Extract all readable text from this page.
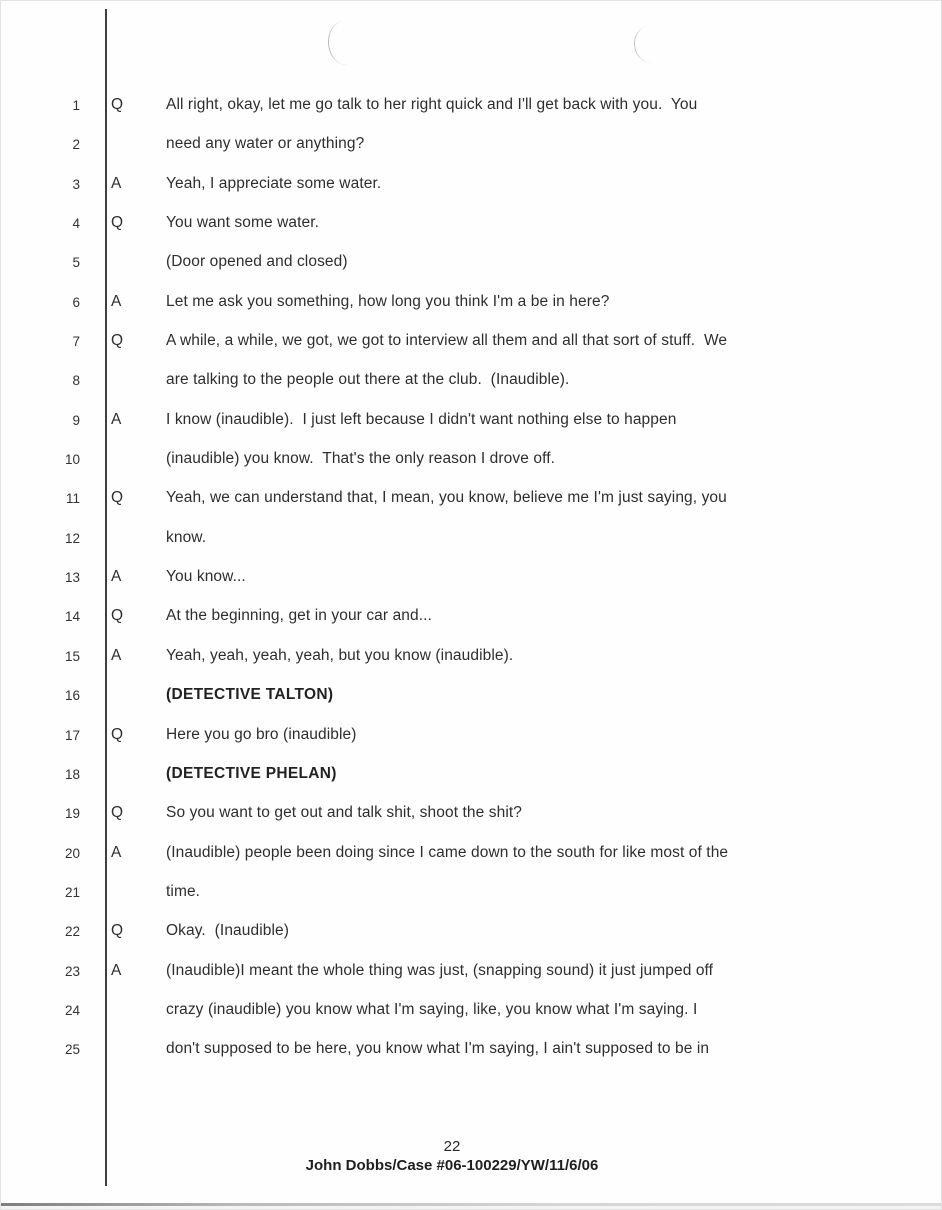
1 Q	All right, okay, let me go talk to her right quick and I'll get back with you.  You
2	need any water or anything?
3 A	Yeah, I appreciate some water.
4 Q	You want some water.
5	(Door opened and closed)
6 A	Let me ask you something, how long you think I'm a be in here?
7 Q	A while, a while, we got, we got to interview all them and all that sort of stuff.  We
8	are talking to the people out there at the club.  (Inaudible).
9 A	I know (inaudible).  I just left because I didn't want nothing else to happen
10	(inaudible) you know.  That's the only reason I drove off.
11 Q	Yeah, we can understand that, I mean, you know, believe me I'm just saying, you
12	know.
13 A	You know...
14 Q	At the beginning, get in your car and...
15 A	Yeah, yeah, yeah, yeah, but you know (inaudible).
16	(DETECTIVE TALTON)
17 Q	Here you go bro (inaudible)
18	(DETECTIVE PHELAN)
19 Q	So you want to get out and talk shit, shoot the shit?
20 A	(Inaudible) people been doing since I came down to the south for like most of the
21	time.
22 Q	Okay.  (Inaudible)
23 A	(Inaudible)I meant the whole thing was just, (snapping sound) it just jumped off
24	crazy (inaudible) you know what I'm saying, like, you know what I'm saying. I
25	don't supposed to be here, you know what I'm saying, I ain't supposed to be in
22
John Dobbs/Case #06-100229/YW/11/6/06
